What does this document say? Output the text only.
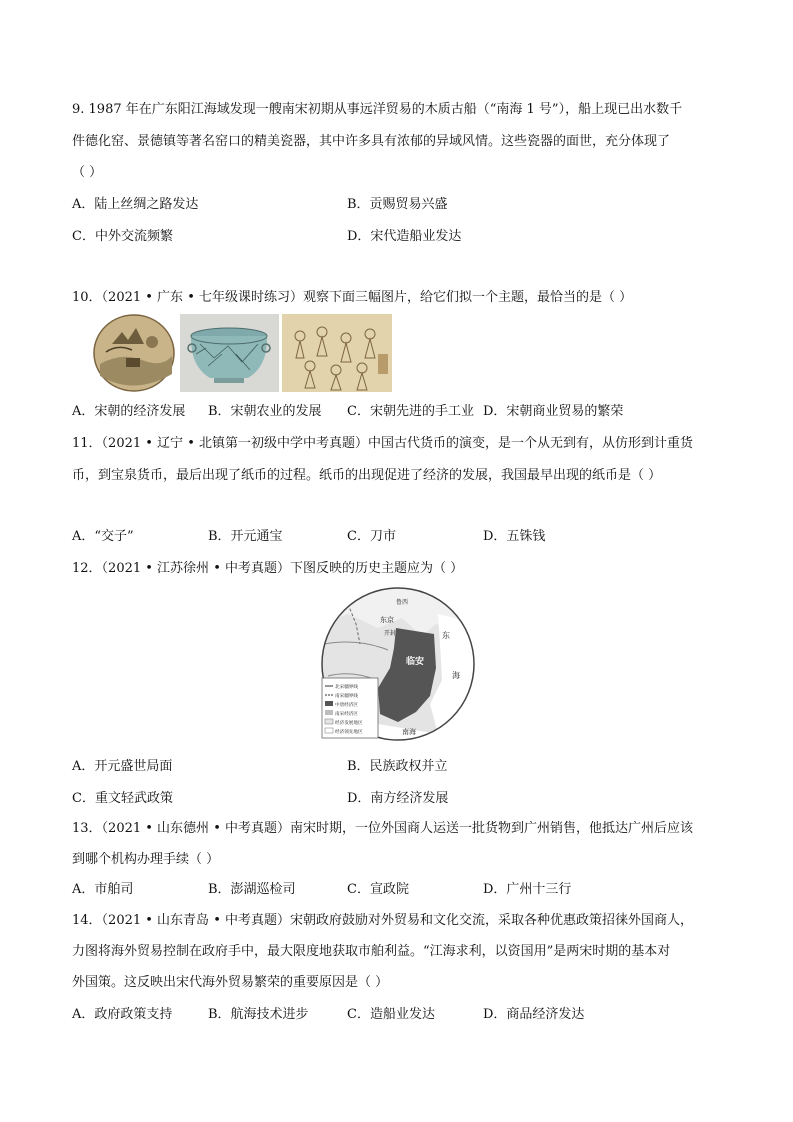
9. 1987 年在广东阳江海域发现一艘南宋初期从事远洋贸易的木质古船（“南海 1 号”），船上现已出水数千
件德化窑、景德镇等著名窑口的精美瓷器，其中许多具有浓郁的异域风情。这些瓷器的面世，充分体现了
（ ）
A．陆上丝绸之路发达	B．贡赐贸易兴盛
C．中外交流频繁	D．宋代造船业发达
10．（2021 • 广东 • 七年级课时练习）观察下面三幅图片，给它们拟一个主题，最恰当的是（ ）
A．宋朝的经济发展 B．宋朝农业的发展 C．宋朝先进的手工业 D．宋朝商业贸易的繁荣
11．（2021 • 辽宁 • 北镇第一初级中学中考真题）中国古代货币的演变，是一个从无到有，从仿形到计重货
币，到宝泉货币，最后出现了纸币的过程。纸币的出现促进了经济的发展，我国最早出现的纸币是（ ）
A．“交子”	B．开元通宝	C．刀市	D．五铢钱
12．（2021 • 江苏徐州 • 中考真题）下图反映的历史主题应为（ ）
鲁西
东京
开封
临安
东
海
南海
北宋疆界线
南宋疆界线
中唐经济区
南宋经济区
经济发展地区
经济领先地区
A．开元盛世局面	B．民族政权并立
C．重文轻武政策	D．南方经济发展
13．（2021 • 山东德州 • 中考真题）南宋时期，一位外国商人运送一批货物到广州销售，他抵达广州后应该
到哪个机构办理手续（ ）
A．市舶司	B．澎湖巡检司	C．宣政院	D．广州十三行
14．（2021 • 山东青岛 • 中考真题）宋朝政府鼓励对外贸易和文化交流，采取各种优惠政策招徕外国商人，
力图将海外贸易控制在政府手中，最大限度地获取市舶利益。“江海求利，以资国用”是两宋时期的基本对
外国策。这反映出宋代海外贸易繁荣的重要原因是（ ）
A．政府政策支持	B．航海技术进步	C．造船业发达	D．商品经济发达
